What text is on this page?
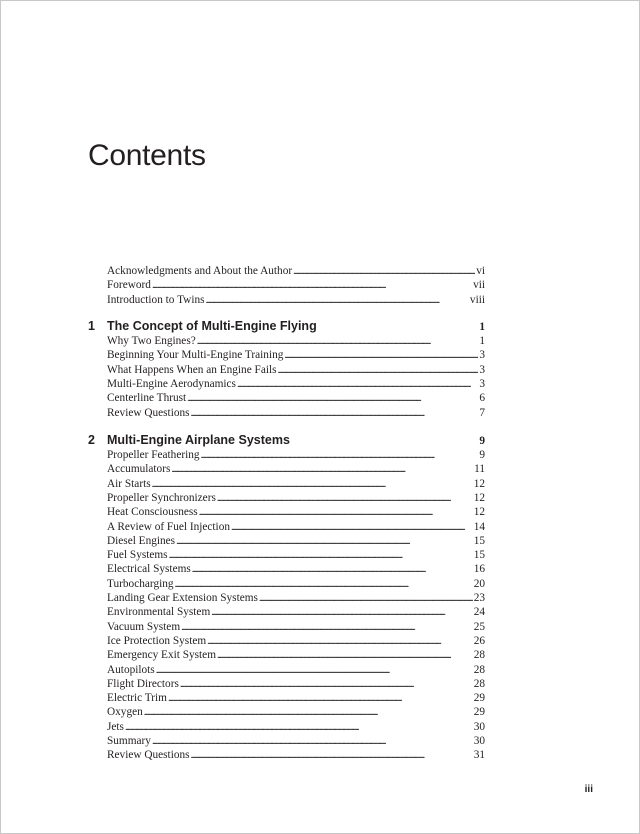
Contents
Acknowledgments and About the Author . . .	vi
Foreword . . .	vii
Introduction to Twins . . .	viii
1 The Concept of Multi-Engine Flying	1
Why Two Engines? . . .	1
Beginning Your Multi-Engine Training . . .	3
What Happens When an Engine Fails . . .	3
Multi-Engine Aerodynamics . . .	3
Centerline Thrust . . .	6
Review Questions . . .	7
2 Multi-Engine Airplane Systems	9
Propeller Feathering . . .	9
Accumulators . . .	11
Air Starts . . .	12
Propeller Synchronizers . . .	12
Heat Consciousness . . .	12
A Review of Fuel Injection . . .	14
Diesel Engines . . .	15
Fuel Systems . . .	15
Electrical Systems . . .	16
Turbocharging . . .	20
Landing Gear Extension Systems . . .	23
Environmental System . . .	24
Vacuum System . . .	25
Ice Protection System . . .	26
Emergency Exit System . . .	28
Autopilots . . .	28
Flight Directors . . .	28
Electric Trim . . .	29
Oxygen . . .	29
Jets . . .	30
Summary . . .	30
Review Questions . . .	31
iii
